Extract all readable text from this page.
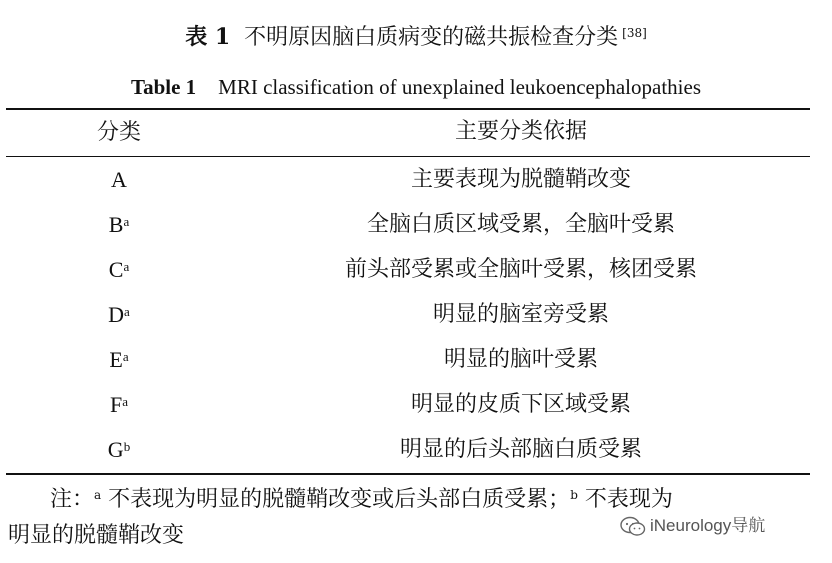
表 1 不明原因脑白质病变的磁共振检查分类 [38]
Table 1 MRI classification of unexplained leukoencephalopathies
分类	主要分类依据
A	主要表现为脱髓鞘改变
$B^a$	全脑白质区域受累，全脑叶受累
$C^a$	前头部受累或全脑叶受累，核团受累
$D^a$	明显的脑室旁受累
$E^a$	明显的脑叶受累
$F^a$	明显的皮质下区域受累
$G^b$	明显的后头部脑白质受累
注：$^a$ 不表现为明显的脱髓鞘改变或后头部白质受累；$^b$ 不表现为
明显的脱髓鞘改变	iNeurology导航
